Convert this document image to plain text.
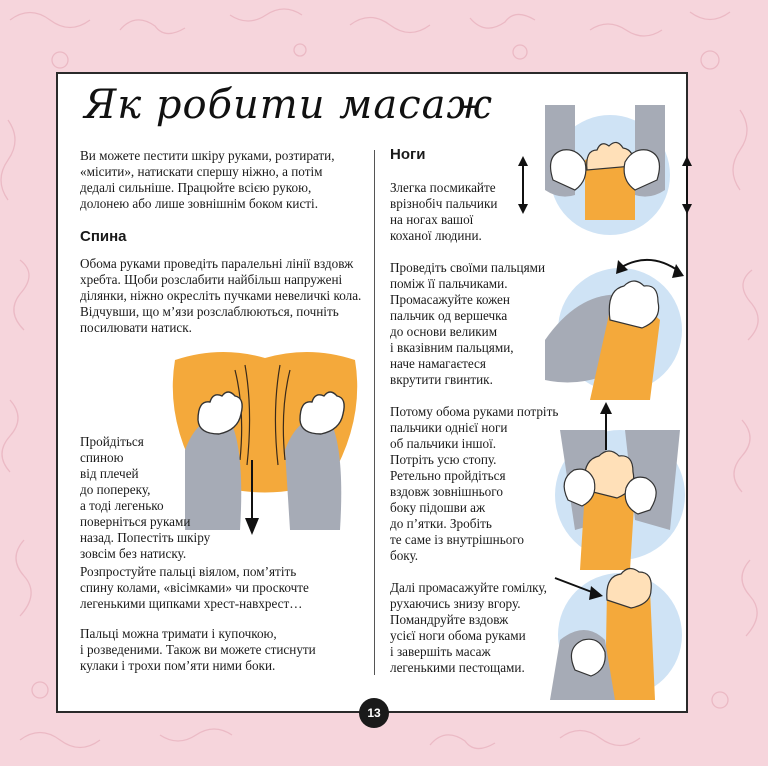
Як робити масаж

Ви можете пестити шкіру руками, розтирати, «місити», натискати спершу ніжно, а потім дедалі сильніше. Працюйте всією рукою, долонею або лише зовнішнім боком кисті.

Спина

Обома руками проведіть паралельні лінії вздовж хребта. Щоби розслабити найбільш напружені ділянки, ніжно окресліть пучками невеличкі кола. Відчувши, що м’язи розслаблюються, почніть посилювати натиск.

Пройдіться
спиною
від плечей
до попереку,
а тоді легенько
поверніться руками
назад. Попестіть шкіру
зовсім без натиску.

Розпростуйте пальці віялом, пом’ятіть
спину колами, «вісімками» чи проскочте
легенькими щипками хрест-навхрест…

Пальці можна тримати і купочкою,
і розведеними. Також ви можете стиснути
кулаки і трохи пом’яти ними боки.

Ноги

Злегка посмикайте
врізнобіч пальчики
на ногах вашої
коханої людини.

Проведіть своїми пальцями
поміж її пальчиками.
Промасажуйте кожен
пальчик од вершечка
до основи великим
і вказівним пальцями,
наче намагаєтеся
вкрутити гвинтик.

Потому обома руками потріть
пальчики однієї ноги
об пальчики іншої.
Потріть усю стопу.
Ретельно пройдіться
вздовж зовнішнього
боку підошви аж
до п’ятки. Зробіть
те саме із внутрішнього
боку.

Далі промасажуйте гомілку,
рухаючись знизу вгору.
Помандруйте вздовж
усієї ноги обома руками
і завершіть масаж
легенькими пестощами.

13
